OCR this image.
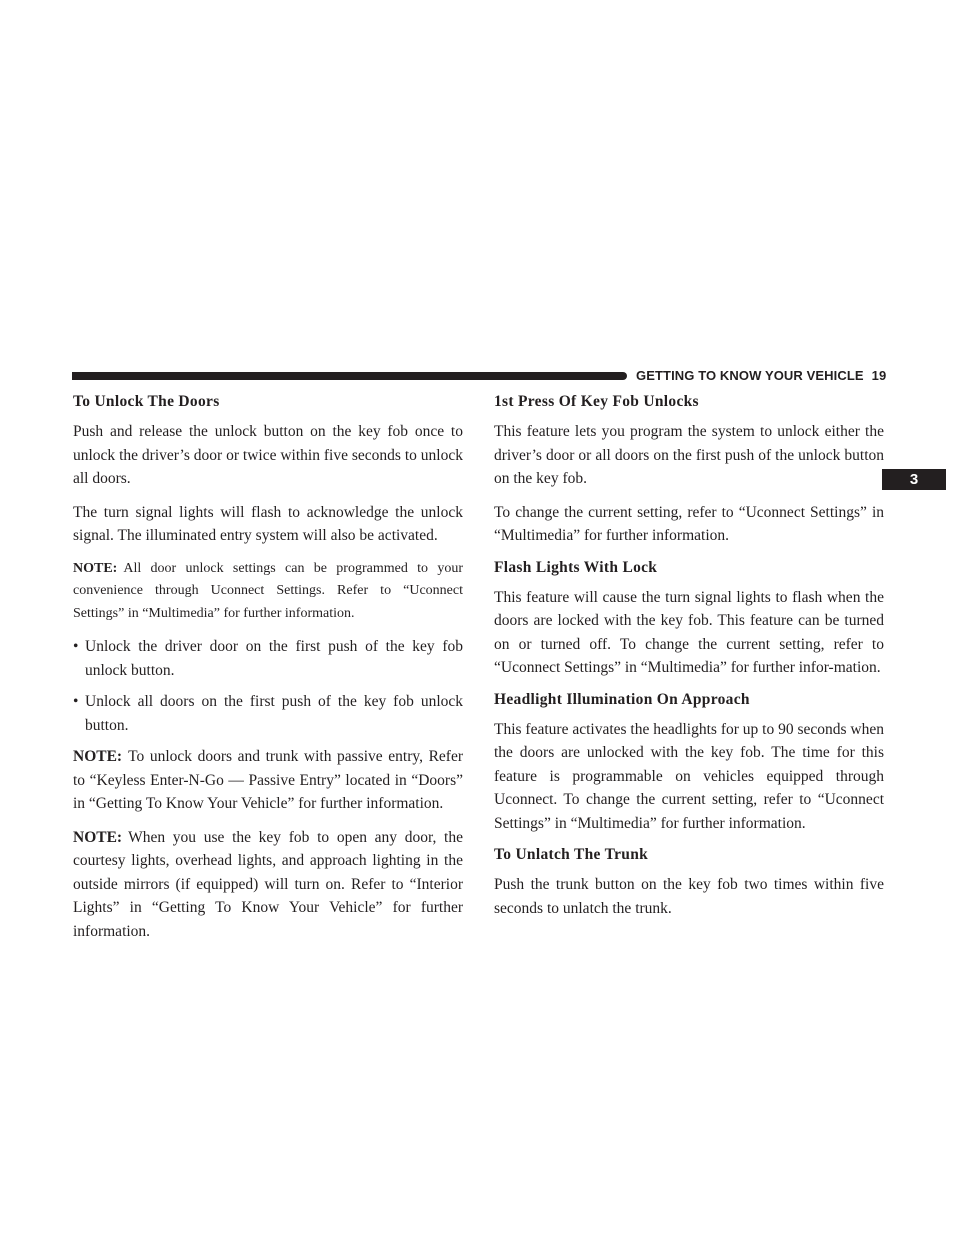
GETTING TO KNOW YOUR VEHICLE 19
3
To Unlock The Doors

Push and release the unlock button on the key fob once to unlock the driver’s door or twice within five seconds to unlock all doors.

The turn signal lights will flash to acknowledge the unlock signal. The illuminated entry system will also be activated.

NOTE: All door unlock settings can be programmed to your convenience through Uconnect Settings. Refer to “Uconnect Settings” in “Multimedia” for further information.

• Unlock the driver door on the first push of the key fob unlock button.
• Unlock all doors on the first push of the key fob unlock button.

NOTE: To unlock doors and trunk with passive entry, Refer to “Keyless Enter-N-Go — Passive Entry” located in “Doors” in “Getting To Know Your Vehicle” for further information.

NOTE: When you use the key fob to open any door, the courtesy lights, overhead lights, and approach lighting in the outside mirrors (if equipped) will turn on. Refer to “Interior Lights” in “Getting To Know Your Vehicle” for further information.

1st Press Of Key Fob Unlocks

This feature lets you program the system to unlock either the driver’s door or all doors on the first push of the unlock button on the key fob.

To change the current setting, refer to “Uconnect Settings” in “Multimedia” for further information.

Flash Lights With Lock

This feature will cause the turn signal lights to flash when the doors are locked with the key fob. This feature can be turned on or turned off. To change the current setting, refer to “Uconnect Settings” in “Multimedia” for further infor-mation.

Headlight Illumination On Approach

This feature activates the headlights for up to 90 seconds when the doors are unlocked with the key fob. The time for this feature is programmable on vehicles equipped through Uconnect. To change the current setting, refer to “Uconnect Settings” in “Multimedia” for further information.

To Unlatch The Trunk

Push the trunk button on the key fob two times within five seconds to unlatch the trunk.
